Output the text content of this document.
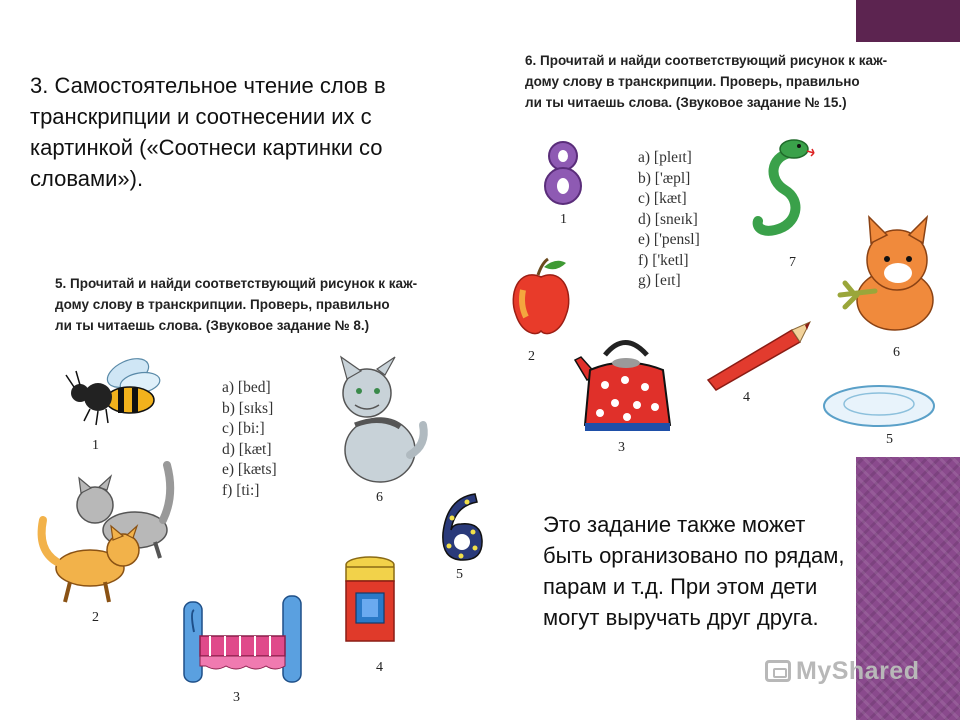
3. Самостоятельное чтение слов в

транскрипции и соотнесении их с

картинкой («Соотнеси картинки со

словами»).

6. Прочитай и найди соответствующий рисунок к каж-

дому слову в транскрипции. Проверь, правильно

ли ты читаешь слова. (Звуковое задание № 15.)

a) [pleɪt]
b) ['æpl]
c) [kæt]
d) [sneɪk]
e) ['pensl]
f) ['ketl]
g) [eɪt]
1
2
3
4
7
6
5

5. Прочитай и найди соответствующий рисунок к каж-

дому слову в транскрипции. Проверь, правильно

ли ты читаешь слова. (Звуковое задание № 8.)

a) [bed]
b) [sɪks]
c) [bi:]
d) [kæt]
e) [kæts]
f) [ti:]
1
2
3
4
5
6

Это задание также может

быть организовано по рядам,

парам и т.д. При этом дети

могут выручать друг друга.

MyShared
